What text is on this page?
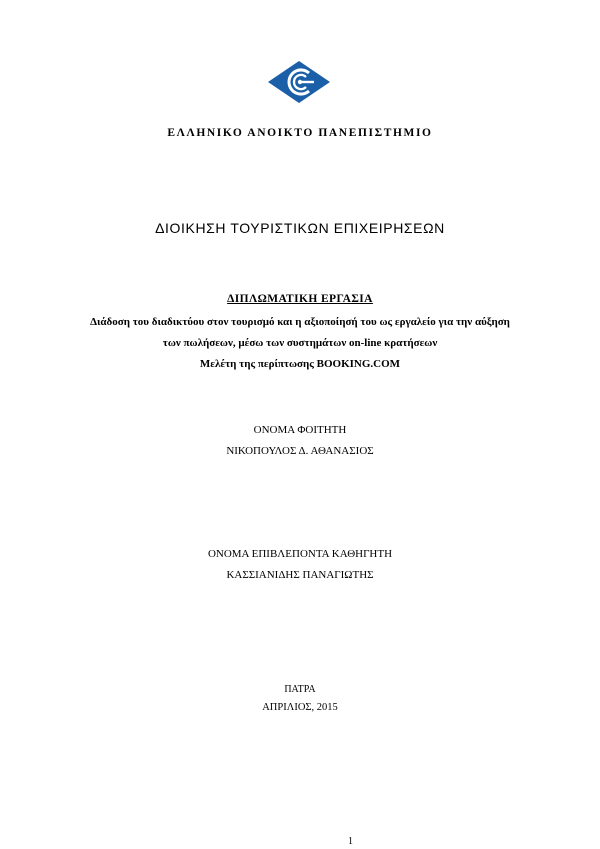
ΕΛΛΗΝΙΚΟ ΑΝΟΙΚΤΟ ΠΑΝΕΠΙΣΤΗΜΙΟ
ΔΙΟΙΚΗΣΗ ΤΟΥΡΙΣΤΙΚΩΝ ΕΠΙΧΕΙΡΗΣΕΩΝ
ΔΙΠΛΩΜΑΤΙΚΗ ΕΡΓΑΣΙΑ
Διάδοση του διαδικτύου στον τουρισμό και η αξιοποίησή του ως εργαλείο για την αύξηση
των πωλήσεων, μέσω των συστημάτων on-line κρατήσεων
Μελέτη της περίπτωσης BOOKING.COM
ΟΝΟΜΑ ΦΟΙΤΗΤΗ
ΝΙΚΟΠΟΥΛΟΣ Δ. ΑΘΑΝΑΣΙΟΣ
ΟΝΟΜΑ ΕΠΙΒΛΕΠΟΝΤΑ ΚΑΘΗΓΗΤΗ
ΚΑΣΣΙΑΝΙΔΗΣ ΠΑΝΑΓΙΩΤΗΣ
ΠΑΤΡΑ
ΑΠΡΙΛΙΟΣ, 2015
1
